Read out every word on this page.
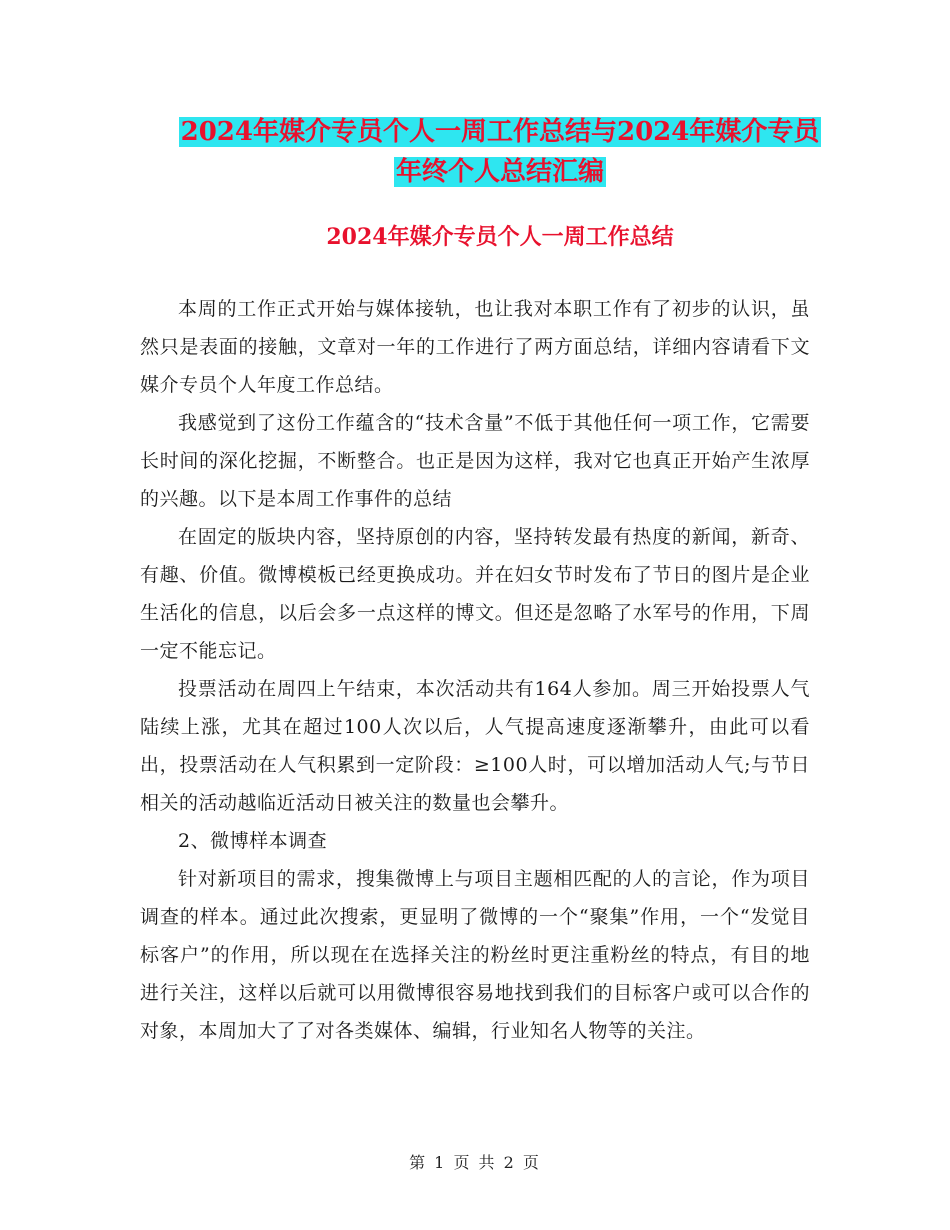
2024年媒介专员个人一周工作总结与2024年媒介专员
年终个人总结汇编
2024年媒介专员个人一周工作总结

本周的工作正式开始与媒体接轨，也让我对本职工作有了初步的认识，虽然只是表面的接触，文章对一年的工作进行了两方面总结，详细内容请看下文媒介专员个人年度工作总结。

我感觉到了这份工作蕴含的“技术含量”不低于其他任何一项工作，它需要长时间的深化挖掘，不断整合。也正是因为这样，我对它也真正开始产生浓厚的兴趣。以下是本周工作事件的总结

在固定的版块内容，坚持原创的内容，坚持转发最有热度的新闻，新奇、有趣、价值。微博模板已经更换成功。并在妇女节时发布了节日的图片是企业生活化的信息，以后会多一点这样的博文。但还是忽略了水军号的作用，下周一定不能忘记。

投票活动在周四上午结束，本次活动共有164人参加。周三开始投票人气陆续上涨，尤其在超过100人次以后，人气提高速度逐渐攀升，由此可以看出，投票活动在人气积累到一定阶段：≥100人时，可以增加活动人气;与节日相关的活动越临近活动日被关注的数量也会攀升。

2、微博样本调查

针对新项目的需求，搜集微博上与项目主题相匹配的人的言论，作为项目调查的样本。通过此次搜索，更显明了微博的一个“聚集”作用，一个“发觉目标客户”的作用，所以现在在选择关注的粉丝时更注重粉丝的特点，有目的地进行关注，这样以后就可以用微博很容易地找到我们的目标客户或可以合作的对象，本周加大了了对各类媒体、编辑，行业知名人物等的关注。

第 1 页 共 2 页
